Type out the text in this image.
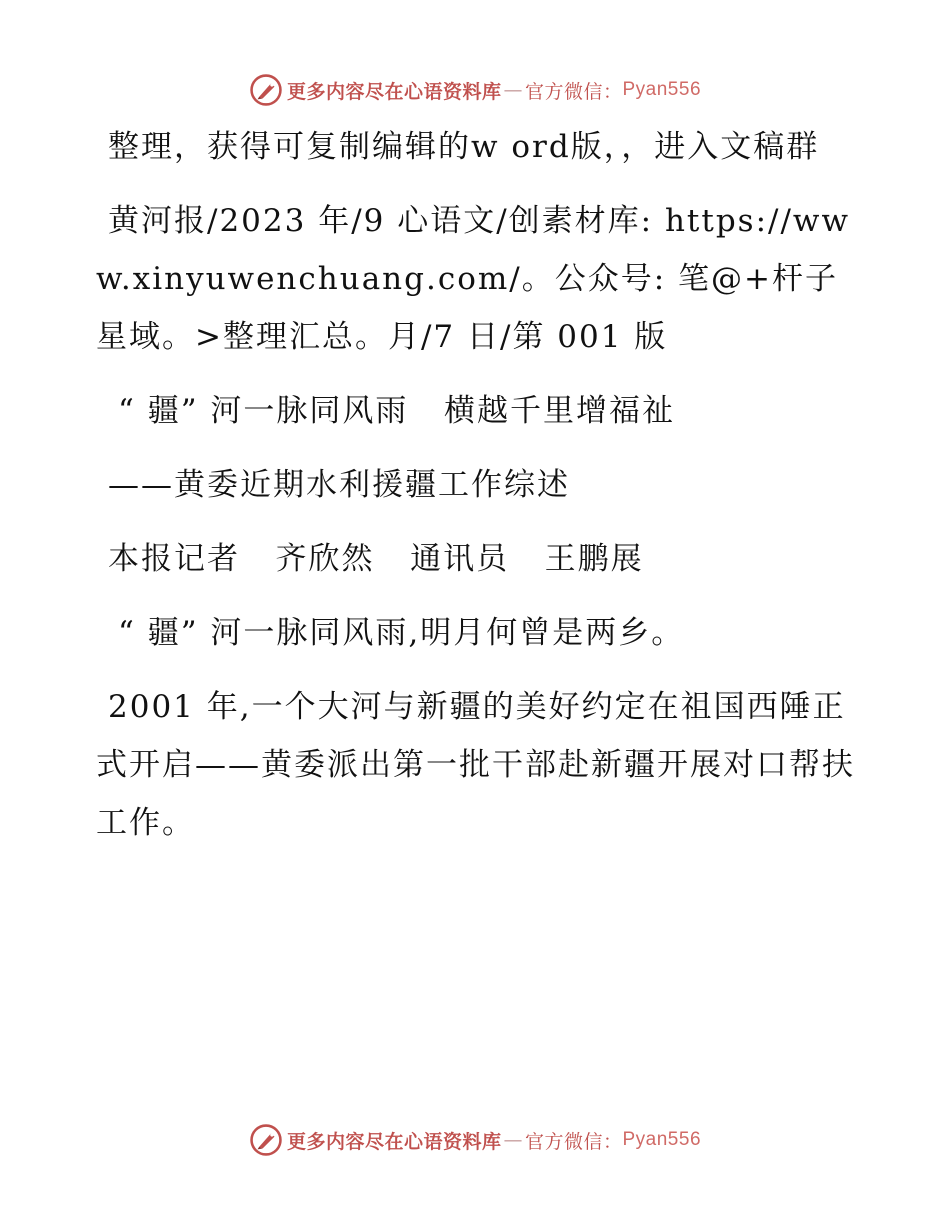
更多内容尽在心语资料库 — 官方微信： Pyan556

整理，获得可复制编辑的w ord版，，进入文稿群

黄河报/2023 年/9 心语文/创素材库: https://www.xinyuwenchuang.com/。公众号: 笔@+杆子星域。>整理汇总。月/7 日/第 001 版

“ 疆” 河一脉同风雨   横越千里增福祉

——黄委近期水利援疆工作综述

本报记者   齐欣然   通讯员   王鹏展

“ 疆” 河一脉同风雨,明月何曾是两乡。

2001 年,一个大河与新疆的美好约定在祖国西陲正式开启——黄委派出第一批干部赴新疆开展对口帮扶工作。

更多内容尽在心语资料库 — 官方微信： Pyan556
